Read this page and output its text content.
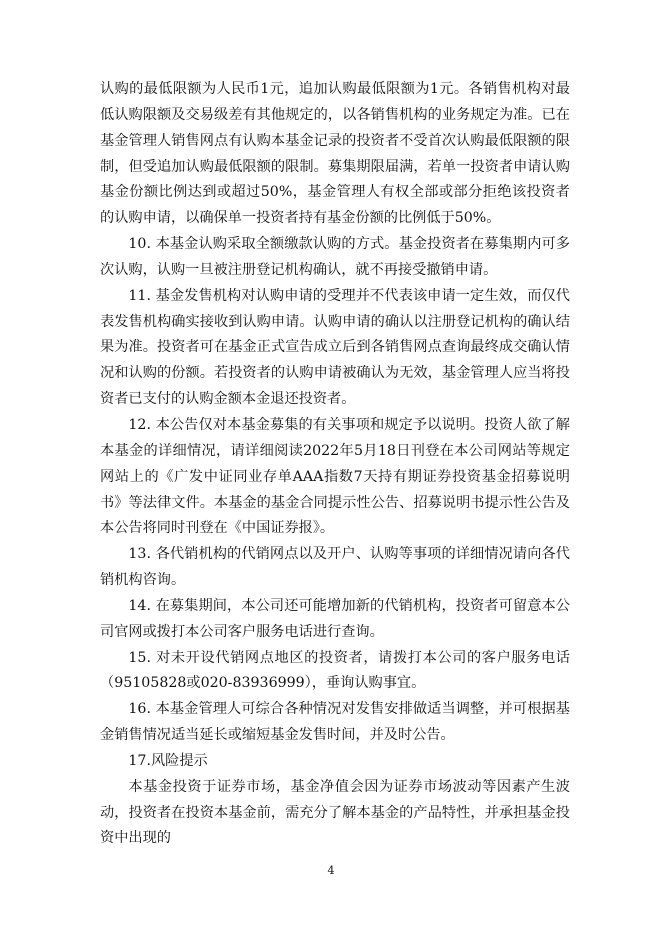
认购的最低限额为人民币1元，追加认购最低限额为1元。各销售机构对最低认购限额及交易级差有其他规定的，以各销售机构的业务规定为准。已在基金管理人销售网点有认购本基金记录的投资者不受首次认购最低限额的限制，但受追加认购最低限额的限制。募集期限届满，若单一投资者申请认购基金份额比例达到或超过50%，基金管理人有权全部或部分拒绝该投资者的认购申请，以确保单一投资者持有基金份额的比例低于50%。

10. 本基金认购采取全额缴款认购的方式。基金投资者在募集期内可多次认购，认购一旦被注册登记机构确认，就不再接受撤销申请。

11. 基金发售机构对认购申请的受理并不代表该申请一定生效，而仅代表发售机构确实接收到认购申请。认购申请的确认以注册登记机构的确认结果为准。投资者可在基金正式宣告成立后到各销售网点查询最终成交确认情况和认购的份额。若投资者的认购申请被确认为无效，基金管理人应当将投资者已支付的认购金额本金退还投资者。

12. 本公告仅对本基金募集的有关事项和规定予以说明。投资人欲了解本基金的详细情况，请详细阅读2022年5月18日刊登在本公司网站等规定网站上的《广发中证同业存单AAA指数7天持有期证券投资基金招募说明书》等法律文件。本基金的基金合同提示性公告、招募说明书提示性公告及本公告将同时刊登在《中国证券报》。

13. 各代销机构的代销网点以及开户、认购等事项的详细情况请向各代销机构咨询。

14. 在募集期间，本公司还可能增加新的代销机构，投资者可留意本公司官网或拨打本公司客户服务电话进行查询。

15. 对未开设代销网点地区的投资者，请拨打本公司的客户服务电话（95105828或020-83936999），垂询认购事宜。

16. 本基金管理人可综合各种情况对发售安排做适当调整，并可根据基金销售情况适当延长或缩短基金发售时间，并及时公告。

17.风险提示

本基金投资于证券市场，基金净值会因为证券市场波动等因素产生波动，投资者在投资本基金前，需充分了解本基金的产品特性，并承担基金投资中出现的

4
